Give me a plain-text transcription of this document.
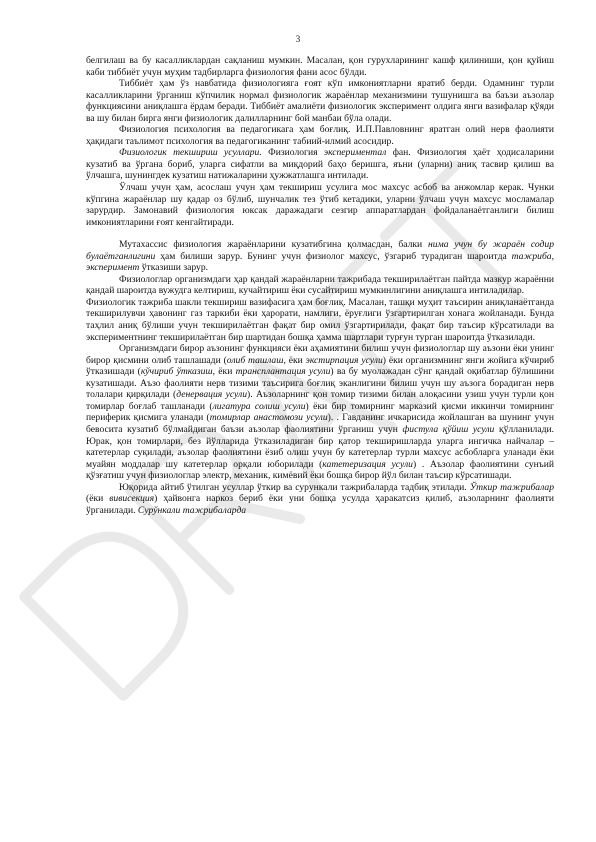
3

белгилаш ва бу касалликлардан сақланиш мумкин. Масалан, қон гурухларининг кашф қилиниши, қон қуйиш каби тиббиёт учун муҳим тадбирларга физиология фани асос бўлди.

Тиббиёт ҳам ўз навбатида физиологияга ғоят кўп имкониятларни яратиб берди. Одамнинг турли касалликларини ўрганиш кўпчилик нормал физиологик жараёнлар механизмини тушунишга ва баъзи аъзолар функциясини аниқлашга ёрдам беради. Тиббиёт амалиёти физиологик эксперимент олдига янги вазифалар қўяди ва шу билан бирга янги физиологик далилларнинг бой манбаи бўла олади.

Физиология психология ва педагогикага ҳам боғлиқ. И.П.Павловнинг яратган олий нерв фаолияти ҳақидаги таълимот психология ва педагогиканинг табиий-илмий асосидир.

Физиологик текшириш усуллари. Физиология экспериментал фан. Физиология ҳаёт ҳодисаларини кузатиб ва ўргана бориб, уларга сифатли ва миқдорий баҳо беришга, яъни (уларни) аниқ тасвир қилиш ва ўлчашга, шунингдек кузатиш натижаларини ҳужжатлашга интилади.

Ўлчаш учун ҳам, асослаш учун ҳам текшириш усулига мос махсус асбоб ва анжомлар керак. Чунки кўпгина жараёнлар шу қадар оз бўлиб, шунчалик тез ўтиб кетадики, уларни ўлчаш учун махсус мосламалар зарурдир. Замонавий физиология юксак даражадаги сезгир аппаратлардан фойдаланаётганлиги билиш имкониятларини ғоят кенгайтиради.

Мутахассис физиология жараёнларини кузатибгина қолмасдан, балки нима учун бу жараён содир булаётганлигини ҳам билиши зарур. Бунинг учун физиолог махсус, ўзгариб турадиган шароитда тажриба, эксперимент ўтказиши зарур.

Физиологлар организмдаги ҳар қандай жараёнларни тажрибада текширилаётган пайтда мазкур жараённи қандай шароитда вужудга келтириш, кучайтириш ёки сусайтириш мумкинлигини аниқлашга интиладилар.

Физиологик тажриба шакли текшириш вазифасига ҳам боғлиқ. Масалан, ташқи муҳит таъсирин аниқланаётганда текширилувчи ҳавонинг газ таркиби ёки ҳарорати, намлиги, ёруғлиги ўзгартирилган хонага жойланади. Бунда таҳлил аниқ бўлиши учун текширилаётган фақат бир омил ўзгартирилади, фақат бир таъсир кўрсатилади ва экспериментнинг текширилаётган бир шартидан бошқа ҳамма шартлари турғун турган шароитда ўтказилади.

Организмдаги бирор аъзонинг функцияси ёки аҳамиятини билиш учун физиологлар шу аъзони ёки унинг бирор қисмини олиб ташлашади (олиб ташлаш, ёки экстирпация усули) ёки организмнинг янги жойига кўчириб ўтказишади (кўчириб ўтказиш, ёки трансплантация усули) ва бу муолажадан сўнг қандай оқибатлар бўлишини кузатишади. Аъзо фаолияти нерв тизими таъсирига боғлиқ эканлигини билиш учун шу аъзога борадиган нерв толалари қирқилади (денервация усули). Аъзоларнинг қон томир тизими билан алоқасини узиш учун турли қон томирлар боғлаб ташланади (лигатура солиш усули) ёки бир томирнинг марказий қисми иккинчи томирнинг периферик қисмига уланади (томирлар анастомози усули). . Гавданинг ичкарисида жойлашган ва шунинг учун бевосита кузатиб бўлмайдиган баъзи аъзолар фаолиятини ўрганиш учун фистула қўйиш усули қўлланилади. Юрак, қон томирлари, без йўлларида ўтказиладиган бир қатор текширишларда уларга ингичка найчалар – катетерлар суқилади, аъзолар фаолиятини ёзиб олиш учун бу катетерлар турли махсус асбобларга уланади ёки муайян моддалар шу катетерлар орқали юборилади (катетеризация усули) . Аъзолар фаолиятини сунъий қўзғатиш учун физиологлар электр, механик, кимёвий ёки бошқа бирор йўл билан таъсир кўрсатишади.

Юқорида айтиб ўтилган усуллар ўткир ва сурункали тажрибаларда тадбиқ этилади. Ўткир тажрибалар (ёки вивисекция) ҳайвонга наркоз бериб ёки уни бошқа усулда ҳаракатсиз қилиб, аъзоларнинг фаолияти ўрганилади. Сурўнкали тажрибаларда
